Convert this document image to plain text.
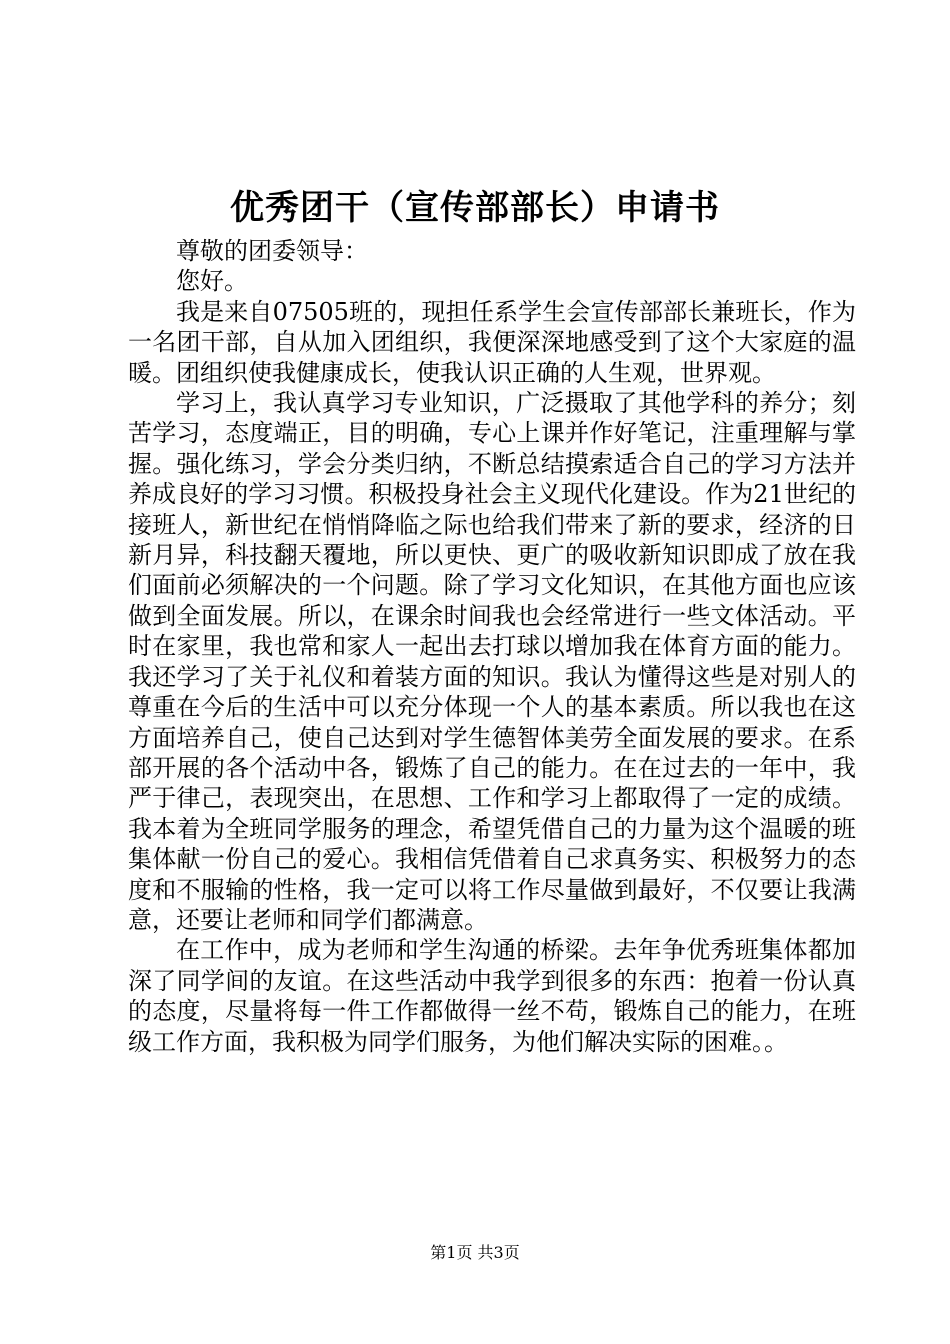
优秀团干（宣传部部长）申请书

尊敬的团委领导：

您好。

我是来自07505班的，现担任系学生会宣传部部长兼班长，作为一名团干部，自从加入团组织，我便深深地感受到了这个大家庭的温暖。团组织使我健康成长，使我认识正确的人生观，世界观。

学习上，我认真学习专业知识，广泛摄取了其他学科的养分；刻苦学习，态度端正，目的明确，专心上课并作好笔记，注重理解与掌握。强化练习，学会分类归纳，不断总结摸索适合自己的学习方法并养成良好的学习习惯。积极投身社会主义现代化建设。作为21世纪的接班人，新世纪在悄悄降临之际也给我们带来了新的要求，经济的日新月异，科技翻天覆地，所以更快、更广的吸收新知识即成了放在我们面前必须解决的一个问题。除了学习文化知识，在其他方面也应该做到全面发展。所以，在课余时间我也会经常进行一些文体活动。平时在家里，我也常和家人一起出去打球以增加我在体育方面的能力。我还学习了关于礼仪和着装方面的知识。我认为懂得这些是对别人的尊重在今后的生活中可以充分体现一个人的基本素质。所以我也在这方面培养自己，使自己达到对学生德智体美劳全面发展的要求。在系部开展的各个活动中各，锻炼了自己的能力。在在过去的一年中，我严于律己，表现突出，在思想、工作和学习上都取得了一定的成绩。我本着为全班同学服务的理念，希望凭借自己的力量为这个温暖的班集体献一份自己的爱心。我相信凭借着自己求真务实、积极努力的态度和不服输的性格，我一定可以将工作尽量做到最好，不仅要让我满意，还要让老师和同学们都满意。

在工作中，成为老师和学生沟通的桥梁。去年争优秀班集体都加深了同学间的友谊。在这些活动中我学到很多的东西：抱着一份认真的态度，尽量将每一件工作都做得一丝不苟，锻炼自己的能力，在班级工作方面，我积极为同学们服务，为他们解决实际的困难。。

第1页 共3页
